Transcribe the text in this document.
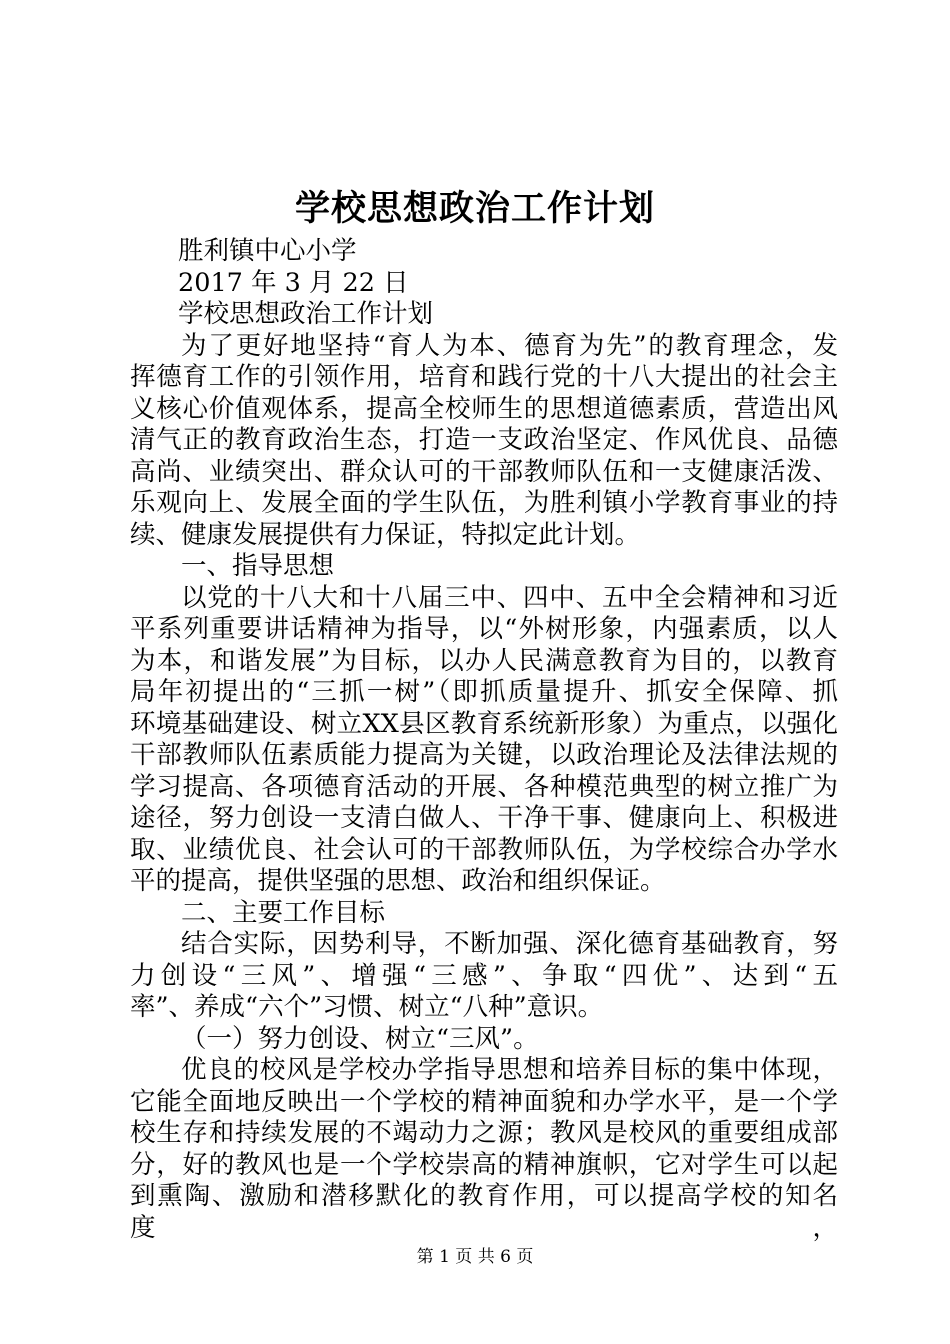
学校思想政治工作计划
胜利镇中心小学
2017 年 3 月 22 日
学校思想政治工作计划
为了更好地坚持“育人为本、德育为先”的教育理念，发
挥德育工作的引领作用，培育和践行党的十八大提出的社会主
义核心价值观体系，提高全校师生的思想道德素质，营造出风
清气正的教育政治生态，打造一支政治坚定、作风优良、品德
高尚、业绩突出、群众认可的干部教师队伍和一支健康活泼、
乐观向上、发展全面的学生队伍，为胜利镇小学教育事业的持
续、健康发展提供有力保证，特拟定此计划。
一、指导思想
以党的十八大和十八届三中、四中、五中全会精神和习近
平系列重要讲话精神为指导，以“外树形象，内强素质，以人
为本，和谐发展”为目标，以办人民满意教育为目的，以教育
局年初提出的“三抓一树”（即抓质量提升、抓安全保障、抓
环境基础建设、树立XX县区教育系统新形象）为重点，以强化
干部教师队伍素质能力提高为关键，以政治理论及法律法规的
学习提高、各项德育活动的开展、各种模范典型的树立推广为
途径，努力创设一支清白做人、干净干事、健康向上、积极进
取、业绩优良、社会认可的干部教师队伍，为学校综合办学水
平的提高，提供坚强的思想、政治和组织保证。
二、主要工作目标
结合实际，因势利导，不断加强、深化德育基础教育，努
力创设“三风”、增强“三感”、争取“四优”、达到“五
率”、养成“六个”习惯、树立“八种”意识。
（一）努力创设、树立“三风”。
优良的校风是学校办学指导思想和培养目标的集中体现，
它能全面地反映出一个学校的精神面貌和办学水平，是一个学
校生存和持续发展的不竭动力之源；教风是校风的重要组成部
分，好的教风也是一个学校崇高的精神旗帜，它对学生可以起
到熏陶、激励和潜移默化的教育作用，可以提高学校的知名度，
第 1 页 共 6 页
